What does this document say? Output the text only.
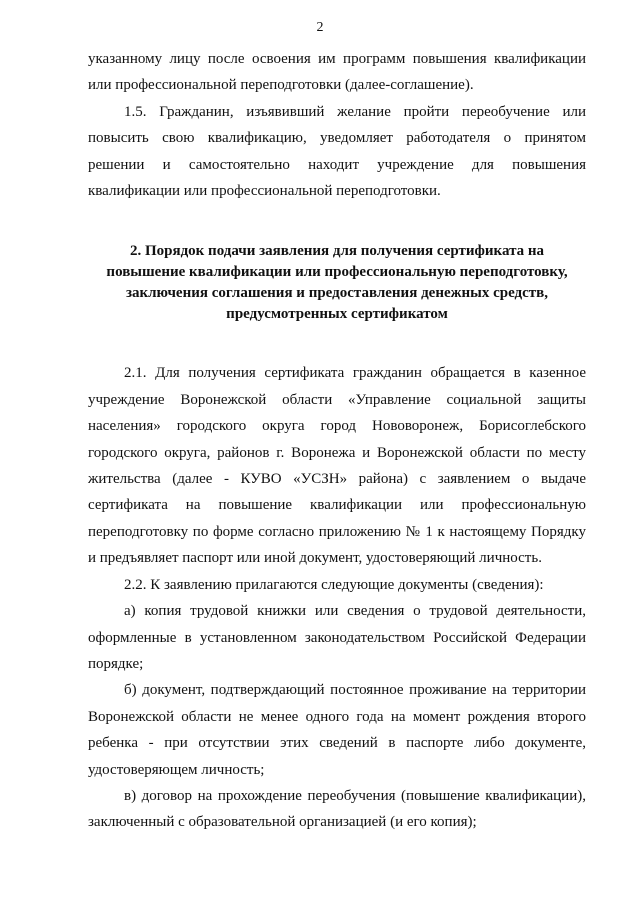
2

указанному лицу после освоения им программ повышения квалификации или профессиональной переподготовки (далее-соглашение).

1.5. Гражданин, изъявивший желание пройти переобучение или повысить свою квалификацию, уведомляет работодателя о принятом решении и самостоятельно находит учреждение для повышения квалификации или профессиональной переподготовки.

2. Порядок подачи заявления для получения сертификата на
повышение квалификации или профессиональную переподготовку,
заключения соглашения и предоставления денежных средств,
предусмотренных сертификатом

2.1. Для получения сертификата гражданин обращается в казенное учреждение Воронежской области «Управление социальной защиты населения» городского округа город Нововоронеж, Борисоглебского городского округа, районов г. Воронежа и Воронежской области по месту жительства (далее - КУВО «УСЗН» района) с заявлением о выдаче сертификата на повышение квалификации или профессиональную переподготовку по форме согласно приложению № 1 к настоящему Порядку и предъявляет паспорт или иной документ, удостоверяющий личность.

2.2. К заявлению прилагаются следующие документы (сведения):

а) копия трудовой книжки или сведения о трудовой деятельности, оформленные в установленном законодательством Российской Федерации порядке;

б) документ, подтверждающий постоянное проживание на территории Воронежской области не менее одного года на момент рождения второго ребенка - при отсутствии этих сведений в паспорте либо документе, удостоверяющем личность;

в) договор на прохождение переобучения (повышение квалификации), заключенный с образовательной организацией (и его копия);
